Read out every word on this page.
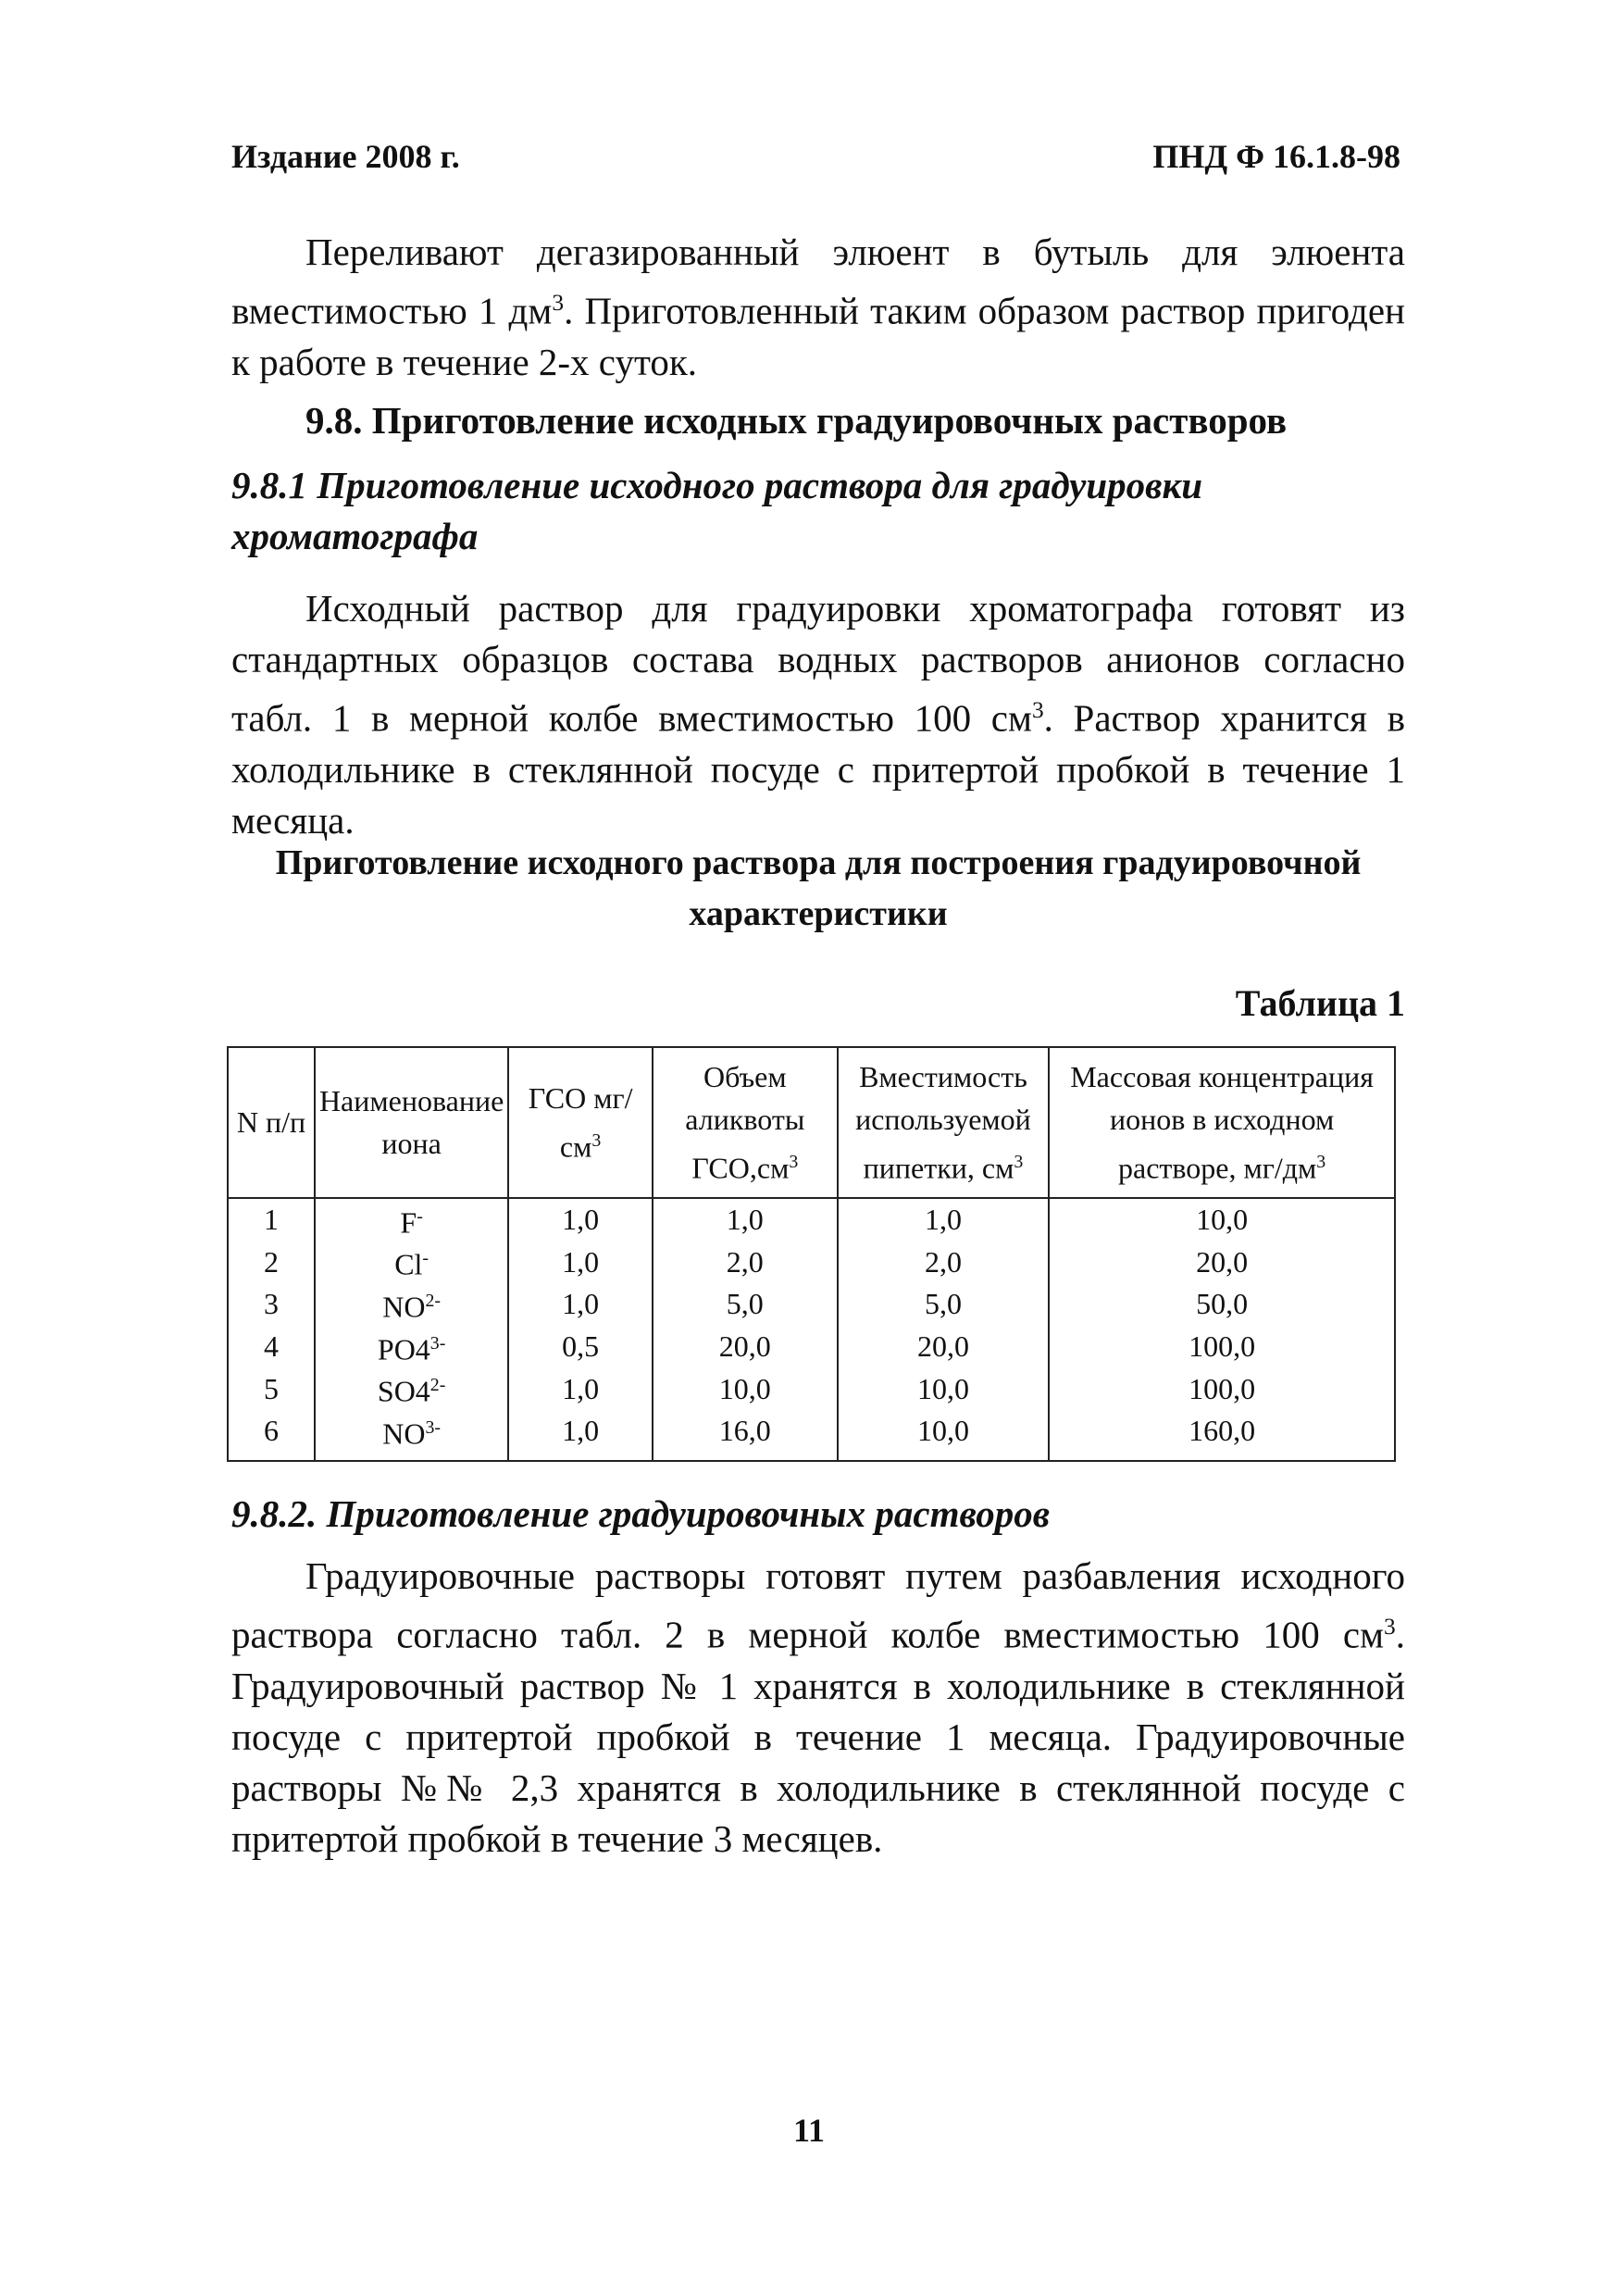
Издание 2008 г.	ПНД Ф 16.1.8-98
Переливают дегазированный элюент в бутыль для элюента вместимостью 1 $дм^3$. Приготовленный таким образом раствор пригоден к работе в течение 2-х суток.
9.8. Приготовление исходных градуировочных растворов
9.8.1 Приготовление исходного раствора для градуировки хроматографа
Исходный раствор для градуировки хроматографа готовят из стандартных образцов состава водных растворов анионов согласно табл. 1 в мерной колбе вместимостью 100 $см^3$. Раствор хранится в холодильнике в стеклянной посуде с притертой пробкой в течение 1 месяца.
Приготовление исходного раствора для построения градуировочной характеристики
Таблица 1
N п/п	Наименование иона	ГСО $мг/см^3$	Объем аликвоты $ГСО,см^3$	Вместимость используемой пипетки, $см^3$	Массовая концентрация ионов в исходном растворе, $мг/дм^3$
1	F-	1,0	1,0	1,0	10,0
2	Cl-	1,0	2,0	2,0	20,0
3	$NO^{2-}$	1,0	5,0	5,0	50,0
4	$PO4^{3-}$	0,5	20,0	20,0	100,0
5	$SO4^{2-}$	1,0	10,0	10,0	100,0
6	$NO^{3-}$	1,0	16,0	10,0	160,0
9.8.2. Приготовление градуировочных растворов
Градуировочные растворы готовят путем разбавления исходного раствора согласно табл. 2 в мерной колбе вместимостью 100 $см^3$. Градуировочный раствор № 1 хранятся в холодильнике в стеклянной посуде с притертой пробкой в течение 1 месяца. Градуировочные растворы №№ 2,3 хранятся в холодильнике в стеклянной посуде с притертой пробкой в течение 3 месяцев.
11
